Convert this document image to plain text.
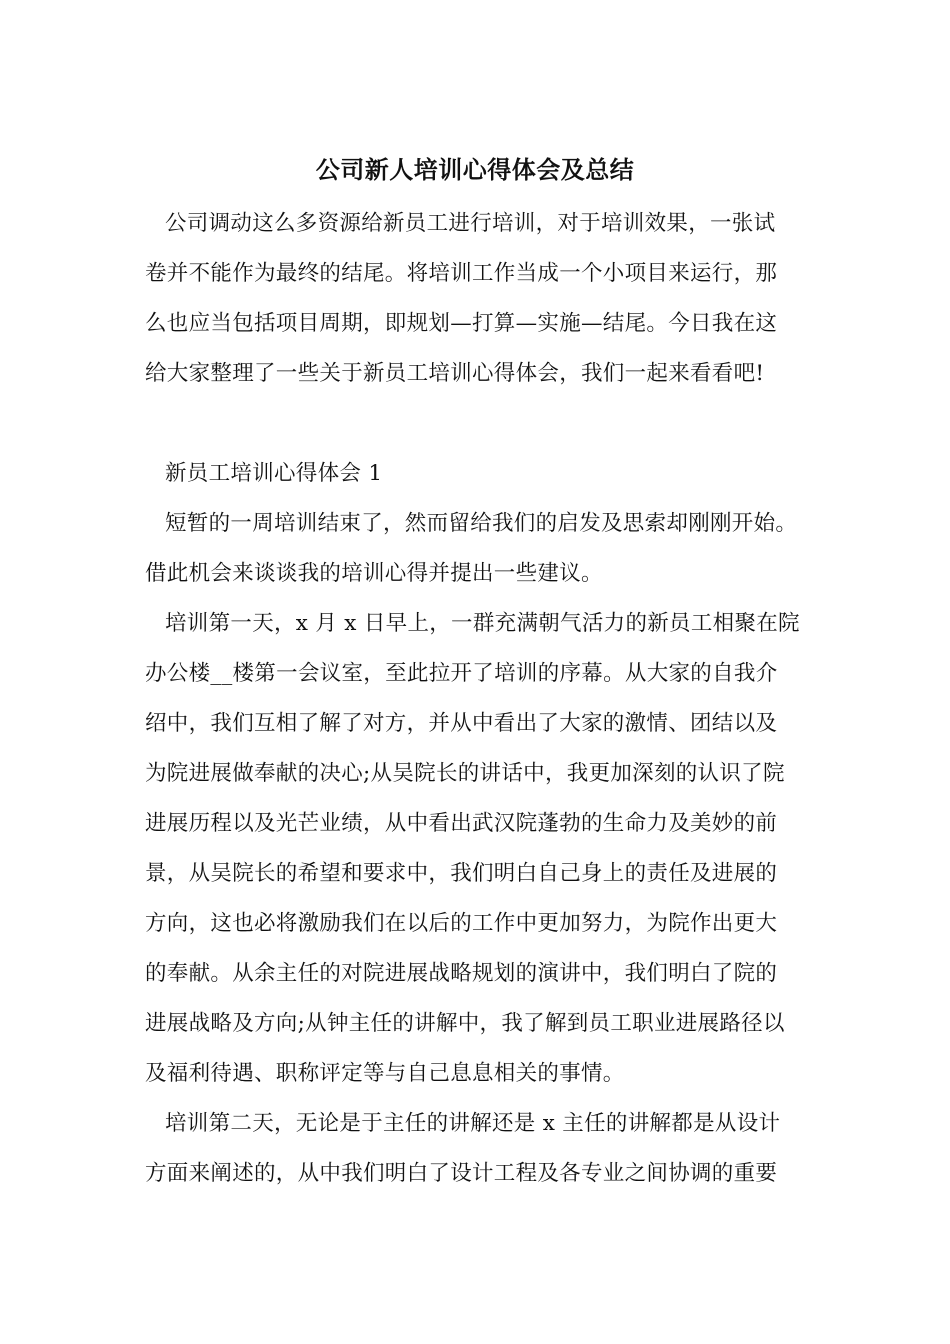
公司新人培训心得体会及总结
公司调动这么多资源给新员工进行培训，对于培训效果，一张试
卷并不能作为最终的结尾。将培训工作当成一个小项目来运行，那
么也应当包括项目周期，即规划—打算—实施—结尾。今日我在这
给大家整理了一些关于新员工培训心得体会，我们一起来看看吧!
新员工培训心得体会 1
短暂的一周培训结束了，然而留给我们的启发及思索却刚刚开始。
借此机会来谈谈我的培训心得并提出一些建议。
培训第一天，x 月 x 日早上，一群充满朝气活力的新员工相聚在院
办公楼__楼第一会议室，至此拉开了培训的序幕。从大家的自我介
绍中，我们互相了解了对方，并从中看出了大家的激情、团结以及
为院进展做奉献的决心;从吴院长的讲话中，我更加深刻的认识了院
进展历程以及光芒业绩，从中看出武汉院蓬勃的生命力及美妙的前
景，从吴院长的希望和要求中，我们明白自己身上的责任及进展的
方向，这也必将激励我们在以后的工作中更加努力，为院作出更大
的奉献。从余主任的对院进展战略规划的演讲中，我们明白了院的
进展战略及方向;从钟主任的讲解中，我了解到员工职业进展路径以
及福利待遇、职称评定等与自己息息相关的事情。
培训第二天，无论是于主任的讲解还是 x 主任的讲解都是从设计
方面来阐述的，从中我们明白了设计工程及各专业之间协调的重要
